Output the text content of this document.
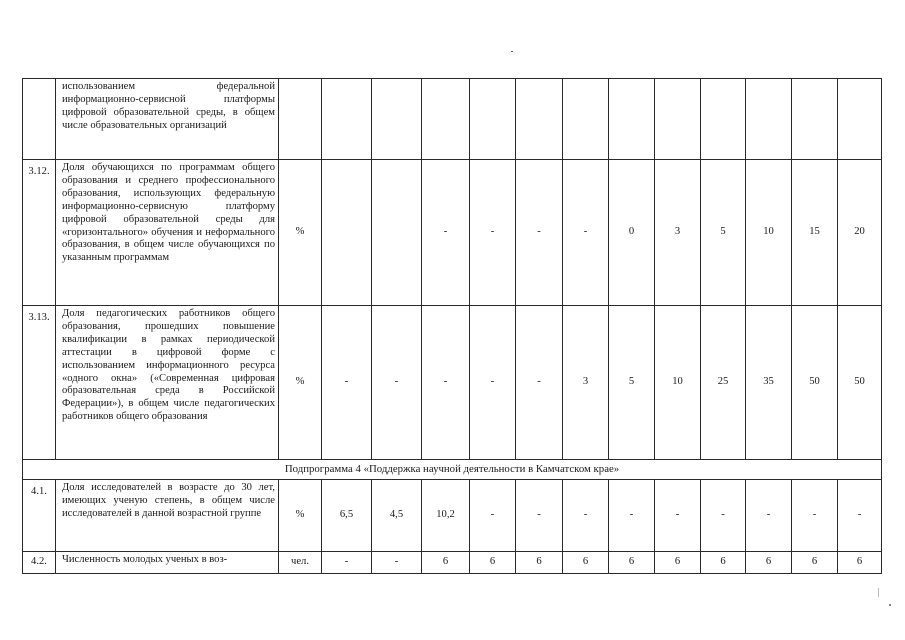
	использованием федеральной информационно-сервисной платформы цифровой образовательной среды, в общем числе образовательных организаций														
3.12.	Доля обучающихся по программам общего образования и среднего профессионального образования, использующих федеральную информационно-сервисную платформу цифровой образовательной среды для «горизонтального» обучения и неформального образования, в общем числе обучающихся по указанным программам	%			-	-	-	-	0	3	5	10	15	20	
3.13.	Доля педагогических работников общего образования, прошедших повышение квалификации в рамках периодической аттестации в цифровой форме с использованием информационного ресурса «одного окна» («Современная цифровая образовательная среда в Российской Федерации»), в общем числе педагогических работников общего образования	%	-	-	-	-	-	3	5	10	25	35	50	50	
Подпрограмма 4 «Поддержка научной деятельности в Камчатском крае»															
4.1.	Доля исследователей в возрасте до 30 лет, имеющих ученую степень, в общем числе исследователей в данной возрастной группе	%	6,5	4,5	10,2	-	-	-	-	-	-	-	-	-	
4.2.	Численность молодых ученых в воз-	чел.	-	-	6	6	6	6	6	6	6	6	6	6	
